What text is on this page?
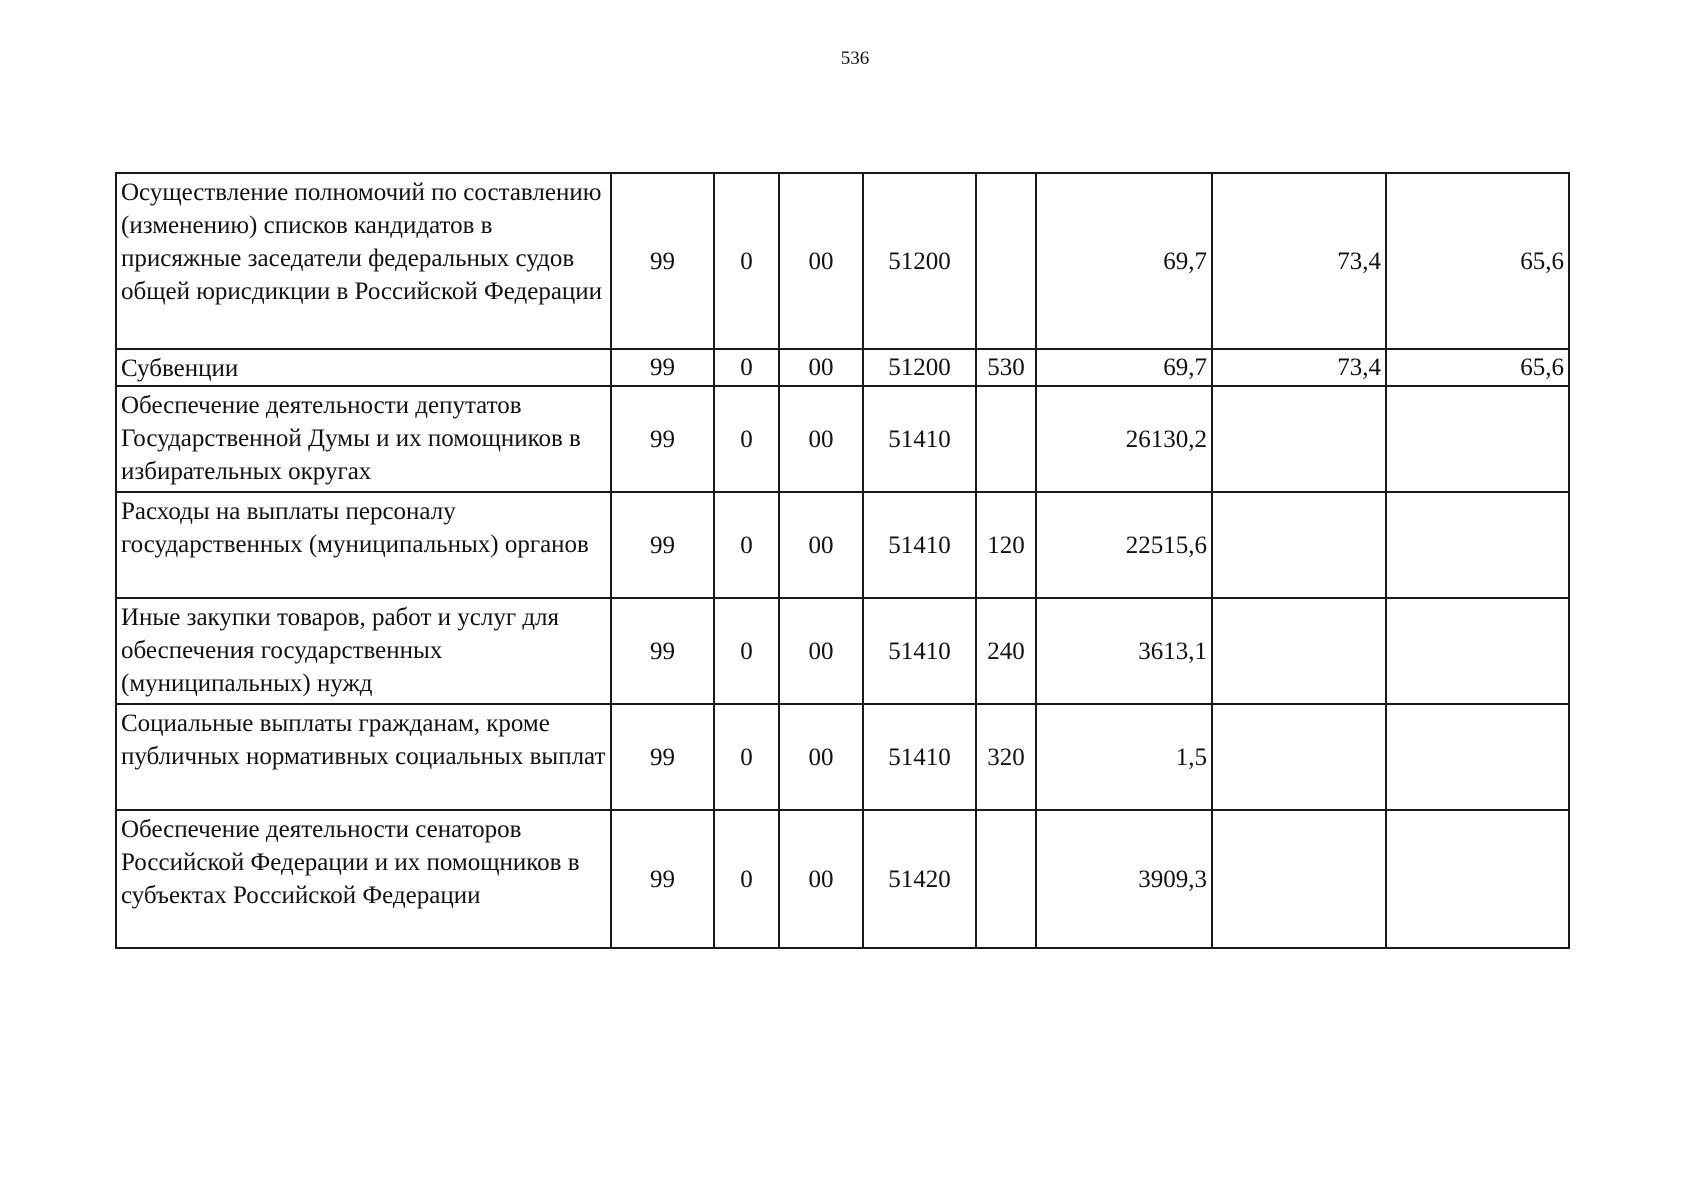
536
Осуществление полномочий по составлению (изменению) списков кандидатов в присяжные заседатели федеральных судов общей юрисдикции в Российской Федерации	99	0	00	51200		69,7	73,4	65,6
Субвенции	99	0	00	51200	530	69,7	73,4	65,6
Обеспечение деятельности депутатов Государственной Думы и их помощников в избирательных округах	99	0	00	51410		26130,2		
Расходы на выплаты персоналу государственных (муниципальных) органов	99	0	00	51410	120	22515,6		
Иные закупки товаров, работ и услуг для обеспечения государственных (муниципальных) нужд	99	0	00	51410	240	3613,1		
Социальные выплаты гражданам, кроме публичных нормативных социальных выплат	99	0	00	51410	320	1,5		
Обеспечение деятельности сенаторов Российской Федерации и их помощников в субъектах Российской Федерации	99	0	00	51420		3909,3		
